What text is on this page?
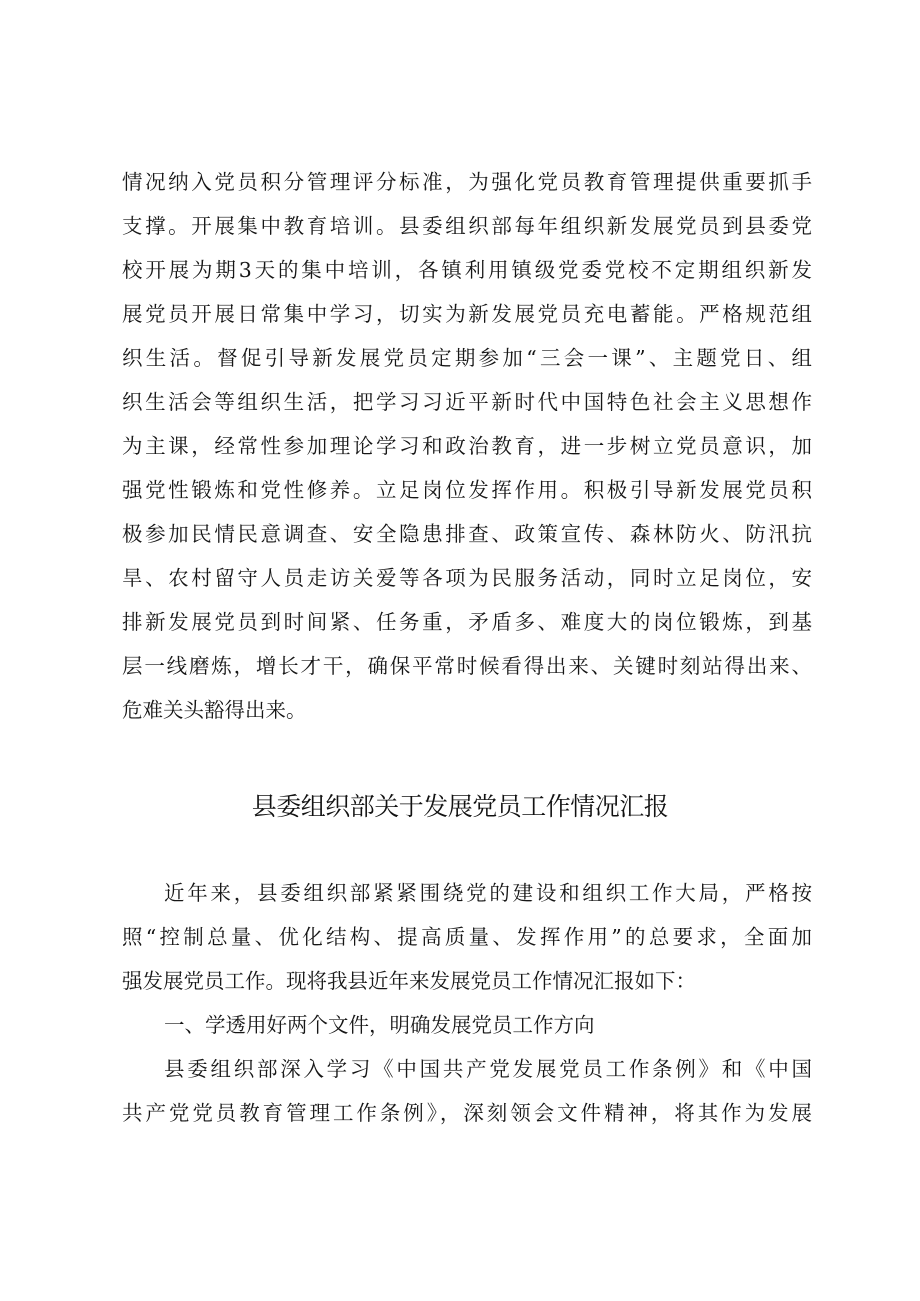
情况纳入党员积分管理评分标准，为强化党员教育管理提供重要抓手

支撑。开展集中教育培训。县委组织部每年组织新发展党员到县委党

校开展为期3天的集中培训，各镇利用镇级党委党校不定期组织新发

展党员开展日常集中学习，切实为新发展党员充电蓄能。严格规范组

织生活。督促引导新发展党员定期参加“三会一课”、主题党日、组

织生活会等组织生活，把学习习近平新时代中国特色社会主义思想作

为主课，经常性参加理论学习和政治教育，进一步树立党员意识，加

强党性锻炼和党性修养。立足岗位发挥作用。积极引导新发展党员积

极参加民情民意调查、安全隐患排查、政策宣传、森林防火、防汛抗

旱、农村留守人员走访关爱等各项为民服务活动，同时立足岗位，安

排新发展党员到时间紧、任务重，矛盾多、难度大的岗位锻炼，到基

层一线磨炼，增长才干，确保平常时候看得出来、关键时刻站得出来、

危难关头豁得出来。

县委组织部关于发展党员工作情况汇报

近年来，县委组织部紧紧围绕党的建设和组织工作大局，严格按

照“控制总量、优化结构、提高质量、发挥作用”的总要求，全面加

强发展党员工作。现将我县近年来发展党员工作情况汇报如下：

一、学透用好两个文件，明确发展党员工作方向

县委组织部深入学习《中国共产党发展党员工作条例》和《中国

共产党党员教育管理工作条例》，深刻领会文件精神，将其作为发展
